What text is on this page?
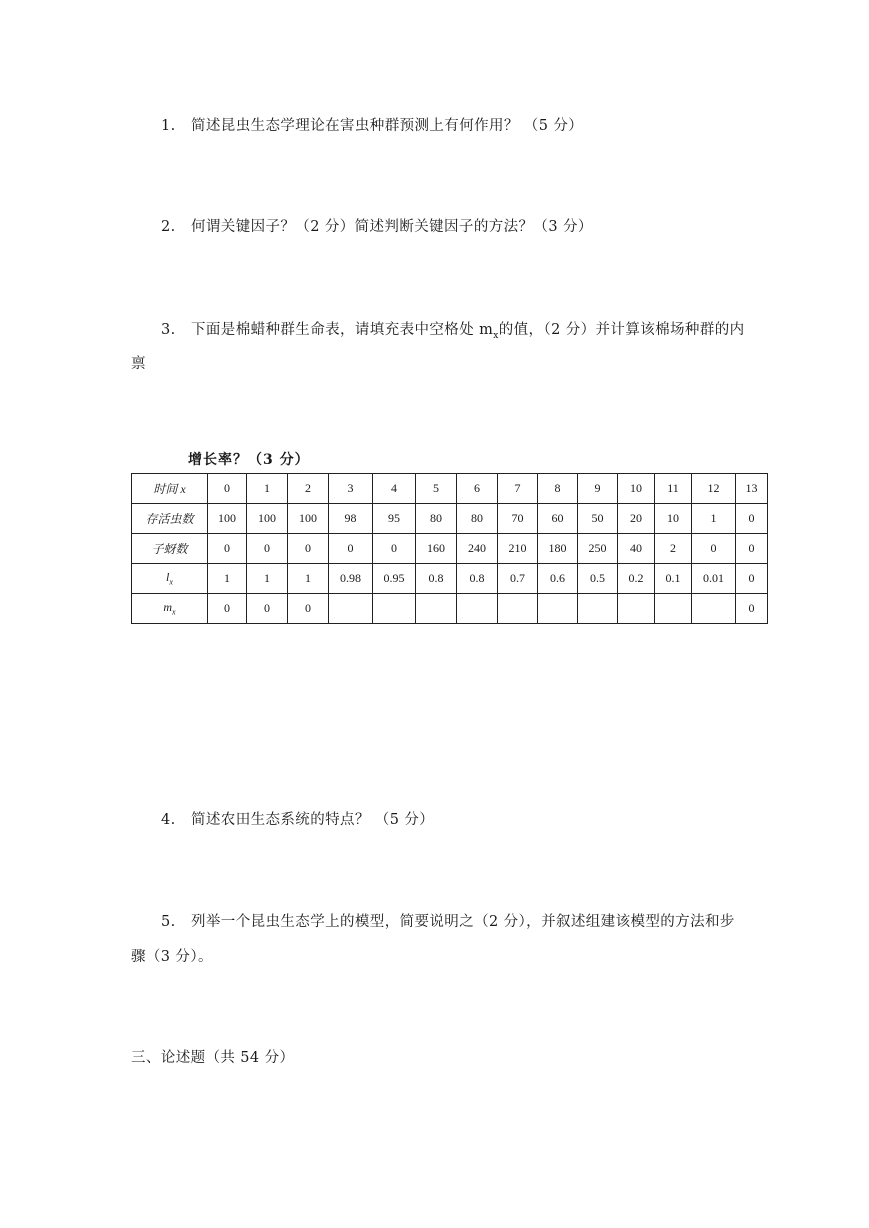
1. 简述昆虫生态学理论在害虫种群预测上有何作用？ （5 分）
2. 何谓关键因子？（2 分）简述判断关键因子的方法？（3 分）
3. 下面是棉蜡种群生命表，请填充表中空格处 $m_x$的值，（2 分）并计算该棉场种群的内
禀
增长率？（3 分）
时间 x	0	1	2	3	4	5	6	7	8	9	10	11	12	13
存活虫数	100	100	100	98	95	80	80	70	60	50	20	10	1	0
子蚜数	0	0	0	0	0	160	240	210	180	250	40	2	0	0
$l_x$	1	1	1	0.98	0.95	0.8	0.8	0.7	0.6	0.5	0.2	0.1	0.01	0
$m_x$	0	0	0											0
4. 简述农田生态系统的特点？ （5 分）
5. 列举一个昆虫生态学上的模型，简要说明之（2 分），并叙述组建该模型的方法和步
骤（3 分）。
三、论述题（共 54 分）
